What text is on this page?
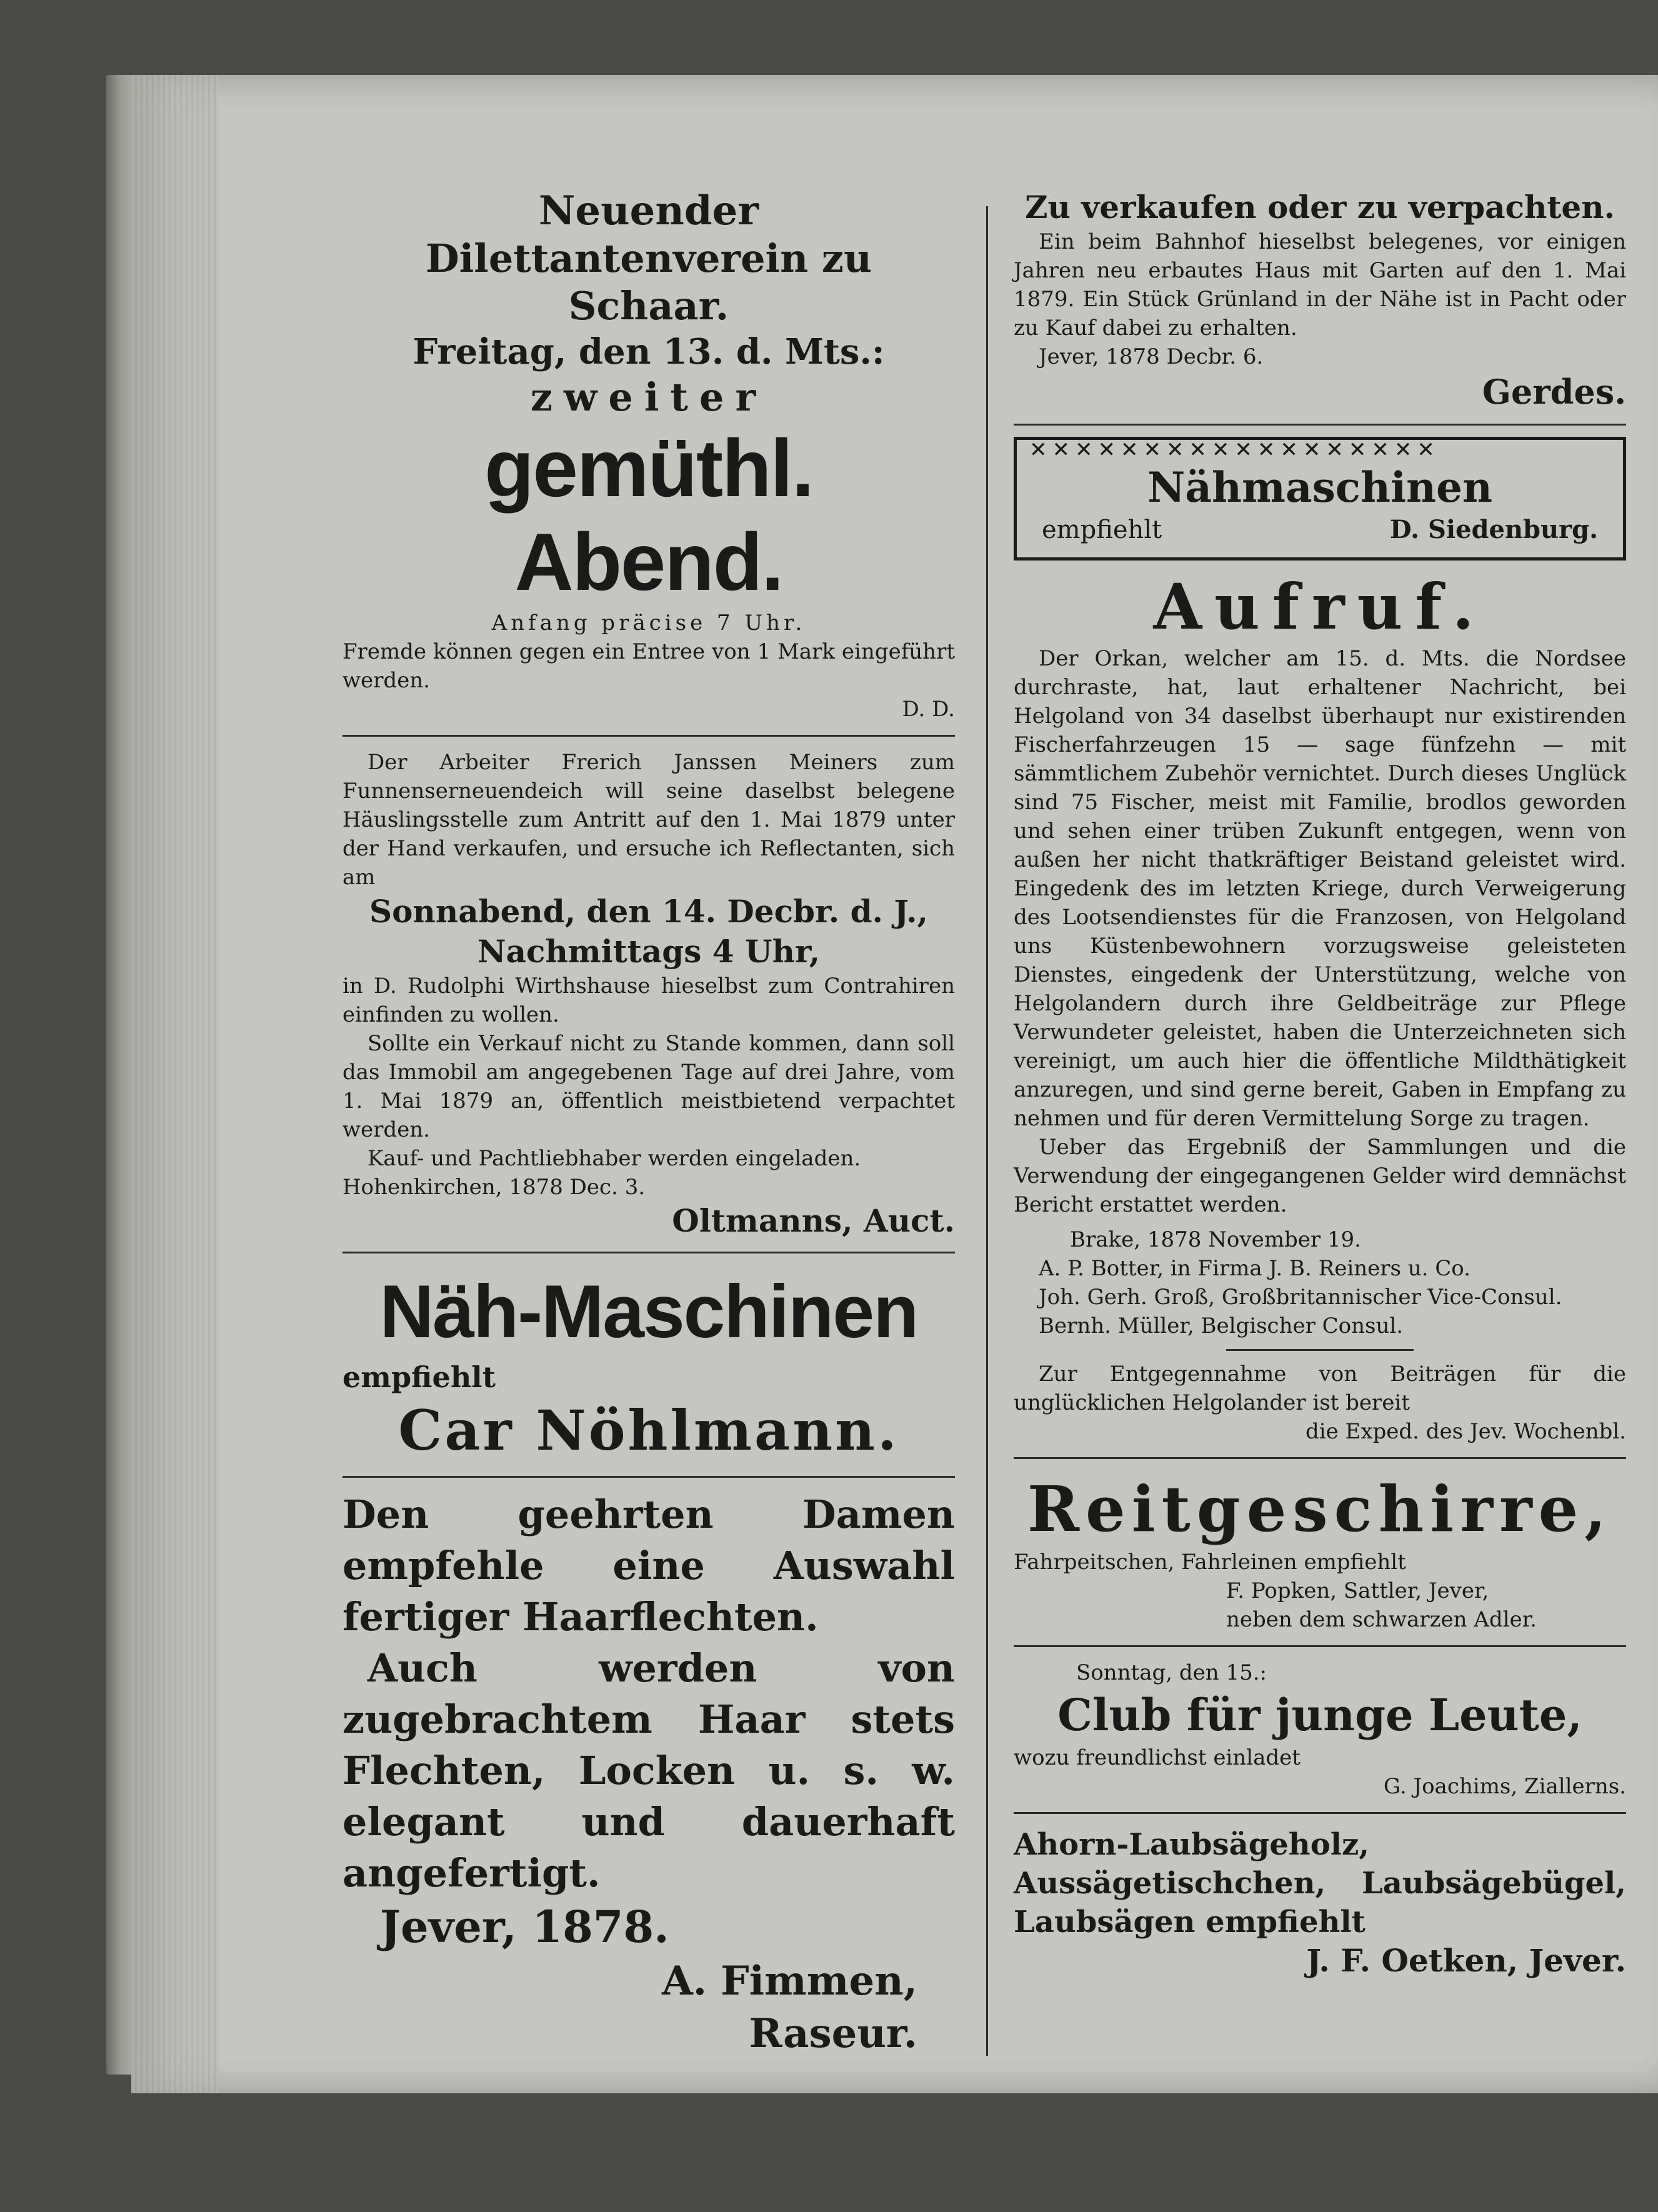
Neuender

Dilettantenverein zu Schaar.

Freitag, den 13. d. Mts.:

zweiter

gemüthl. Abend.

Anfang präcise 7 Uhr.

Fremde können gegen ein Entree von 1 Mark eingeführt werden.

D. D.

Der Arbeiter Frerich Janssen Meiners zum Funnenserneuendeich will seine daselbst belegene Häuslingsstelle zum Antritt auf den 1. Mai 1879 unter der Hand verkaufen, und ersuche ich Reflectanten, sich am

Sonnabend, den 14. Decbr. d. J.,

Nachmittags 4 Uhr,

in D. Rudolphi Wirthshause hieselbst zum Contrahiren einfinden zu wollen.

Sollte ein Verkauf nicht zu Stande kommen, dann soll das Immobil am angegebenen Tage auf drei Jahre, vom 1. Mai 1879 an, öffentlich meistbietend verpachtet werden.

Kauf- und Pachtliebhaber werden eingeladen.

Hohenkirchen, 1878 Dec. 3.

Oltmanns, Auct.

Näh-Maschinen

empfiehlt

Car Nöhlmann.

Den geehrten Damen empfehle eine Auswahl fertiger Haarflechten.

Auch werden von zugebrachtem Haar stets Flechten, Locken u. s. w. elegant und dauerhaft angefertigt.

Jever, 1878.

A. Fimmen,

Raseur.

Zu verkaufen oder zu verpachten.

Ein beim Bahnhof hieselbst belegenes, vor einigen Jahren neu erbautes Haus mit Garten auf den 1. Mai 1879. Ein Stück Grünland in der Nähe ist in Pacht oder zu Kauf dabei zu erhalten.

Jever, 1878 Decbr. 6.

Gerdes.

✕✕✕✕✕✕✕✕✕✕✕✕✕✕✕✕✕✕ Nähmaschinen

empfiehlt	D. Siedenburg.

Aufruf.

Der Orkan, welcher am 15. d. Mts. die Nordsee durchraste, hat, laut erhaltener Nachricht, bei Helgoland von 34 daselbst überhaupt nur existirenden Fischerfahrzeugen 15 — sage fünfzehn — mit sämmtlichem Zubehör vernichtet. Durch dieses Unglück sind 75 Fischer, meist mit Familie, brodlos geworden und sehen einer trüben Zukunft entgegen, wenn von außen her nicht thatkräftiger Beistand geleistet wird. Eingedenk des im letzten Kriege, durch Verweigerung des Lootsendienstes für die Franzosen, von Helgoland uns Küstenbewohnern vorzugsweise geleisteten Dienstes, eingedenk der Unterstützung, welche von Helgolandern durch ihre Geldbeiträge zur Pflege Verwundeter geleistet, haben die Unterzeichneten sich vereinigt, um auch hier die öffentliche Mildthätigkeit anzuregen, und sind gerne bereit, Gaben in Empfang zu nehmen und für deren Vermittelung Sorge zu tragen.

Ueber das Ergebniß der Sammlungen und die Verwendung der eingegangenen Gelder wird demnächst Bericht erstattet werden.

Brake, 1878 November 19.

A. P. Botter, in Firma J. B. Reiners u. Co.

Joh. Gerh. Groß, Großbritannischer Vice-Consul.

Bernh. Müller, Belgischer Consul.

Zur Entgegennahme von Beiträgen für die unglücklichen Helgolander ist bereit

die Exped. des Jev. Wochenbl.

Reitgeschirre,

Fahrpeitschen, Fahrleinen empfiehlt

F. Popken, Sattler, Jever,

neben dem schwarzen Adler.

Sonntag, den 15.:

Club für junge Leute,

wozu freundlichst einladet

G. Joachims, Ziallerns.

Ahorn-Laubsägeholz, Aussägetischchen, Laubsägebügel, Laubsägen empfiehlt

J. F. Oetken, Jever.
